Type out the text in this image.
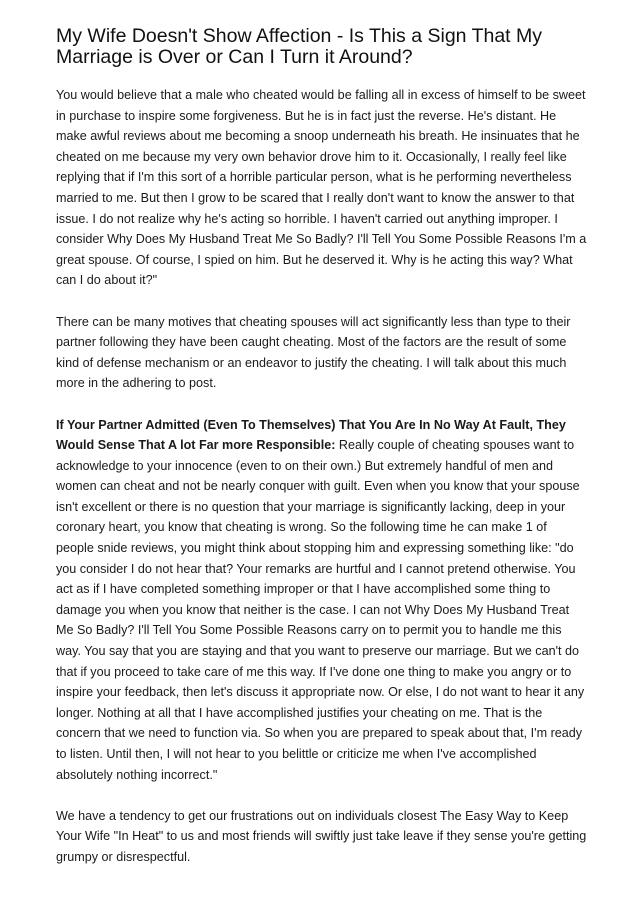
My Wife Doesn't Show Affection - Is This a Sign That My Marriage is Over or Can I Turn it Around?

You would believe that a male who cheated would be falling all in excess of himself to be sweet in purchase to inspire some forgiveness. But he is in fact just the reverse. He's distant. He make awful reviews about me becoming a snoop underneath his breath. He insinuates that he cheated on me because my very own behavior drove him to it. Occasionally, I really feel like replying that if I'm this sort of a horrible particular person, what is he performing nevertheless married to me. But then I grow to be scared that I really don't want to know the answer to that issue. I do not realize why he's acting so horrible. I haven't carried out anything improper. I consider Why Does My Husband Treat Me So Badly? I'll Tell You Some Possible Reasons I'm a great spouse. Of course, I spied on him. But he deserved it. Why is he acting this way? What can I do about it?"

There can be many motives that cheating spouses will act significantly less than type to their partner following they have been caught cheating. Most of the factors are the result of some kind of defense mechanism or an endeavor to justify the cheating. I will talk about this much more in the adhering to post.

If Your Partner Admitted (Even To Themselves) That You Are In No Way At Fault, They Would Sense That A lot Far more Responsible: Really couple of cheating spouses want to acknowledge to your innocence (even to on their own.) But extremely handful of men and women can cheat and not be nearly conquer with guilt. Even when you know that your spouse isn't excellent or there is no question that your marriage is significantly lacking, deep in your coronary heart, you know that cheating is wrong. So the following time he can make 1 of people snide reviews, you might think about stopping him and expressing something like: "do you consider I do not hear that? Your remarks are hurtful and I cannot pretend otherwise. You act as if I have completed something improper or that I have accomplished some thing to damage you when you know that neither is the case. I can not Why Does My Husband Treat Me So Badly? I'll Tell You Some Possible Reasons carry on to permit you to handle me this way. You say that you are staying and that you want to preserve our marriage. But we can't do that if you proceed to take care of me this way. If I've done one thing to make you angry or to inspire your feedback, then let's discuss it appropriate now. Or else, I do not want to hear it any longer. Nothing at all that I have accomplished justifies your cheating on me. That is the concern that we need to function via. So when you are prepared to speak about that, I'm ready to listen. Until then, I will not hear to you belittle or criticize me when I've accomplished absolutely nothing incorrect."

We have a tendency to get our frustrations out on individuals closest The Easy Way to Keep Your Wife "In Heat" to us and most friends will swiftly just take leave if they sense you're getting grumpy or disrespectful.
